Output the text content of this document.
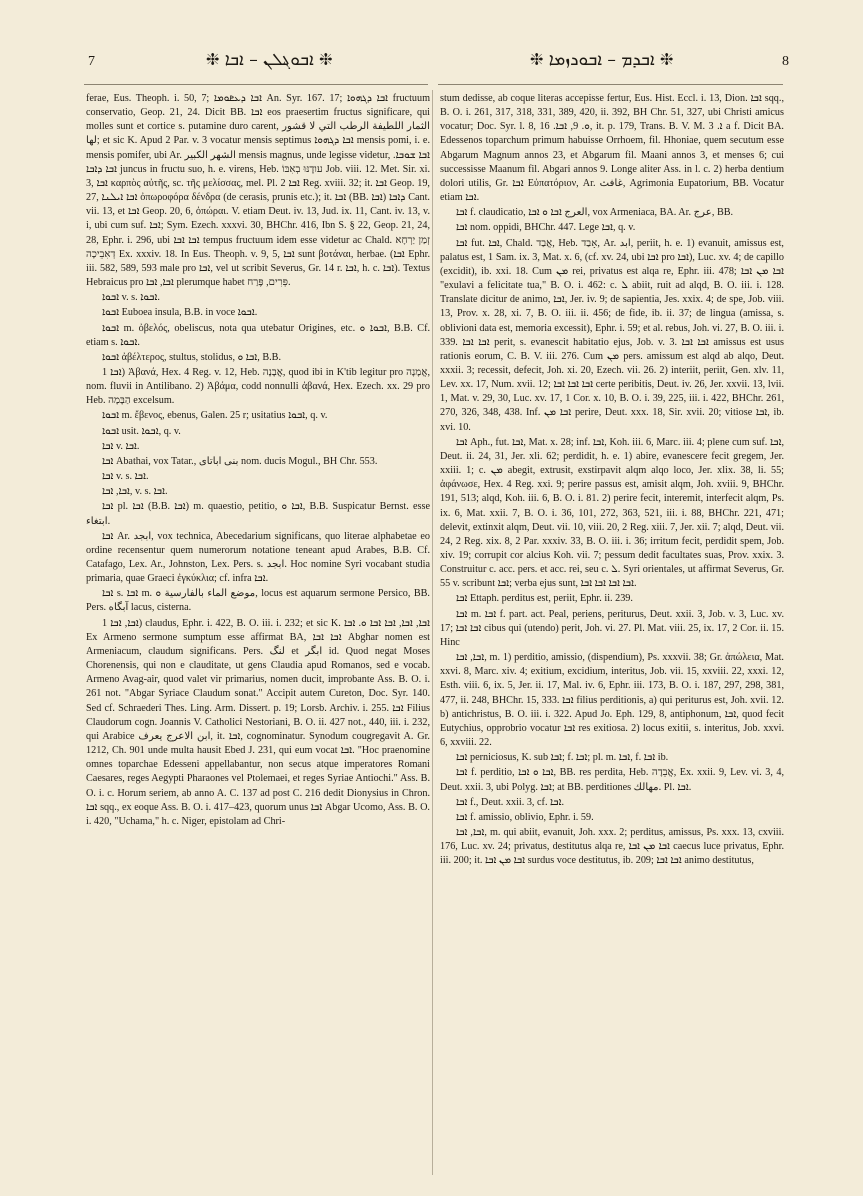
7	❈ ܐܒܘܔܠܢ – ܐܒܐ ❈	❈ ܐܒܕܡ – ܐܒܘܖܙܡܐ ❈	8

ferae, Eus. Theoph. i. 50, 7; ܐܒܐ ܕܥܧܘܡܐ An. Syr. 167. 17; ܐܒܐ ܕܓܗܘܐ fructuum conservatio, Geop. 21, 24. Dicit BB. ܐܒܐ eos praesertim fructus significare, qui molles sunt et cortice s. putamine duro carent, الثمار اللطيفة الرطب التي لا قشور لها; et sic K. Apud 2 Par. v. 3 vocatur mensis septimus ܐܒܐ ܕܓܗܘܐ mensis pomi, i. e. mensis pomifer, ubi Ar. الشهر الكبير mensis magnus, unde legisse videtur, ܐܒܐ ܫܘܒܐ. ܐܒܐ ܕܐܒܐ juncus in fructu suo, h. e. virens, Heb. עודֶנּוּ בְאִבּוֹ Job. viii. 12. Met. Sir. xi. 3, ܐܒܐ καρπὸς αὐτῆς, sc. τῆς μελίσσας, mel. Pl. ܐܒܐ 2 Reg. xviii. 32; it. ܐܒܐ Geop. 19, 27, ܐܒܐ ܐܝܠܢܐ ὀπωροφόρα δένδρα (de cerasis, prunis etc.); it. ܐܒܐ (BB. ܐܒܐ) ܕܐܒܐ Cant. vii. 13, et ܐܒܐ Geop. 20, 6, ὀπώραι. V. etiam Deut. iv. 13, Jud. ix. 11, Cant. iv. 13, v. i, ubi cum suf. ܐܒܐ; Sym. Ezech. xxxvi. 30, BHChr. 416, Ibn S. § 22, Geop. 21, 24, 28, Ephr. i. 296, ubi ܐܒܐ ܐܒܐ tempus fructuum idem esse videtur ac Chald. זְמַן יַרְחָא דְאִבֵיכָה Ex. xxxiv. 18. In Eus. Theoph. v. 9, 5, ܐܒܐ sunt βοτάναι, herbae. (ܐܒܐ Ephr. iii. 582, 589, 593 male pro ܐܒܐ, vel ut scribit Severus, Gr. 14 r. ܐܒܐ, h. c. ܐܒܐ). Textus Hebraicus pro ܐܒܐ, ܐܒܐ plerumque habet פְּרִים, פֶּרַח.

ܐܒܘܐ v. s. ܐܒܘܐ.

ܐܒܘܐ Euboea insula, B.B. in voce ܐܒܘܐ.

ܐܒܘܐ m. ὀβελός, obeliscus, nota qua utebatur Origines, etc. ܐܒܘܐ ܘ, B.B. Cf. etiam s. ܐܒܘܐ.

ܐܒܘܐ ἀβέλτερος, stultus, stolidus, ܐܒܐ ܘ, B.B.

ܐܒܐ 1) Ἀβανά, Hex. 4 Reg. v. 12, Heb. אֲבָנָה, quod ibi in K'tib legitur pro אֲמָנָה, nom. fluvii in Antilibano. 2) Ἀβάμα, codd nonnulli ἀβανά, Hex. Ezech. xx. 29 pro Heb. הַבָּמָה excelsum.

ܐܒܘܐ m. ἔβενος, ebenus, Galen. 25 r; usitatius ܐܒܘܐ, q. v.

ܐܒܘܐ usit. ܐܒܘܐ, q. v.

ܐܒܐ v. ܐܒܐ.

ܐܒܐ Abathai, vox Tatar., بنى اباتاى nom. ducis Mogul., BH Chr. 553.

ܐܒܐ v. s. ܐܒܐ.

ܐܒܐ, ܐܒܐ, v. s. ܐܒܐ.

ܐܒܐ pl. ܐܒܐ (B.B. ܐܒܐ) m. quaestio, petitio, ܐܒܐ ܘ, B.B. Suspicatur Bernst. esse ابتغاء.

ܐܒܐ Ar. ابجد, vox technica, Abecedarium significans, quo literae alphabetae eo ordine recensentur quem numerorum notatione teneant apud Arabes, B.B. Cf. Catafago, Lex. Ar., Johnston, Lex. Pers. s. ابجد. Hoc nomine Syri vocabant studia primaria, quae Graeci ἐγκύκλια; cf. infra ܐܒܐ.

ܐܒܐ s. ܐܒܐ m. موضع الماء بالفارسية ܘ, locus est aquarum sermone Persico, BB. Pers. آبگاه lacus, cisterna.

ܐܒܐ, ܐܒܐ 1) claudus, Ephr. i. 422, B. O. iii. i. 232; et sic K. ܐܒܐ, ܐܒܐ, ܐܒܐ ܐܒܐ ܘ. ܐܒܐ Ex Armeno sermone sumptum esse affirmat BA, ܐܒܐ ܐܒܐ Abghar nomen est Armeniacum, claudum significans. Pers. لنگ et ابگر id. Quod negat Moses Chorenensis, qui non e clauditate, ut gens Claudia apud Romanos, sed e vocab. Armeno Avag-air, quod valet vir primarius, nomen ducit, improbante Ass. B. O. i. 261 not. "Abgar Syriace Claudum sonat." Accipit autem Cureton, Doc. Syr. 140. Sed cf. Schraederi Thes. Ling. Arm. Dissert. p. 19; Lorsb. Archiv. i. 255. ܐܒܐ Filius Claudorum cogn. Joannis V. Catholici Nestoriani, B. O. ii. 427 not., 440, iii. i. 232, qui Arabice ابن الاعرج یعرف, it. ܐܒܐ, cognominatur. Synodum cougregavit A. Gr. 1212, Ch. 901 unde multa hausit Ebed J. 231, qui eum vocat ܐܒܐ. "Hoc praenomine omnes toparchae Edesseni appellabantur, non secus atque imperatores Romani Caesares, reges Aegypti Pharaones vel Ptolemaei, et reges Syriae Antiochi." Ass. B. O. i. c. Horum seriem, ab anno A. C. 137 ad post C. 216 dedit Dionysius in Chron. ܐܒܐ sqq., ex eoque Ass. B. O. i. 417–423, quorum unus ܐܒܐ Abgar Ucomo, Ass. B. O. i. 420, "Uchama," h. c. Niger, epistolam ad Chri-

stum dedisse, ab coque literas accepisse fertur, Eus. Hist. Eccl. i. 13, Dion. ܐܒܐ sqq., B. O. i. 261, 317, 318, 331, 389, 420, ii. 392, BH Chr. 51, 327, ubi Christi amicus vocatur; Doc. Syr. l. 8, ܘ. 9, ܐܒܐ. 16, it. p. 179, Trans. B. V. M. ܐ. 3 a f. Dicit BA. Edessenos toparchum primum habuisse Orrhoem, fil. Hhoniae, quem secutum esse Abgarum Magnum annos 23, et Abgarum fil. Maani annos 3, et menses 6; cui successisse Maanum fil. Abgari annos 9. Longe aliter Ass. in l. c. 2) herba dentium dolori utilis, Gr. ܐܒܐ Εὐπατόριον, Ar. غافث, Agrimonia Eupatorium, BB. Vocatur etiam ܐܒܐ.

ܐܒܐ f. claudicatio, العرج ܐܒܐ ܘ ܐܒܐ, vox Armeniaca, BA. Ar. عرج, BB.

ܐܒܐ nom. oppidi, BHChr. 447. Lege ܐܒܐ, q. v.

ܐܒܐ fut. ܐܒܐ, Chald. אֲבַד, Heb. אָבַד, Ar. ابد, periit, h. e. 1) evanuit, amissus est, palatus est, 1 Sam. ix. 3, Mat. x. 6, (cf. xv. 24, ubi ܐܒܐ pro ܐܒܐ), Luc. xv. 4; de capillo (excidit), ib. xxi. 18. Cum ܡܢ rei, privatus est alqa re, Ephr. iii. 478; ܐܒܐ ܡܢ ܐܒܐ "exulavi a felicitate tua," B. O. i. 462: c. ܠ abiit, ruit ad alqd, B. O. iii. i. 128. Translate dicitur de animo, ܐܒܐ, Jer. iv. 9; de sapientia, Jes. xxix. 4; de spe, Job. viii. 13, Prov. x. 28, xi. 7, B. O. iii. ii. 456; de fide, ib. ii. 37; de lingua (amissa, s. oblivioni data est, memoria excessit), Ephr. i. 59; et al. rebus, Joh. vi. 27, B. O. iii. i. 339. ܐܒܐ ܐܒܐ perit, s. evanescit habitatio ejus, Job. v. 3. ܐܒܐ ܐܒܐ amissus est usus rationis eorum, C. B. V. iii. 276. Cum ܡܢ pers. amissum est alqd ab alqo, Deut. xxxii. 3; recessit, defecit, Joh. xi. 20, Ezech. vii. 26. 2) interiit, periit, Gen. xlv. 11, Lev. xx. 17, Num. xvii. 12; ܐܒܐ ܐܒܐ ܐܒܐ certe peribitis, Deut. iv. 26, Jer. xxvii. 13, lvii. 1, Mat. v. 29, 30, Luc. xv. 17, 1 Cor. x. 10, B. O. i. 39, 225, iii. i. 422, BHChr. 261, 270, 326, 348, 438. Inf. ܐܒܐ ܡܢ perire, Deut. xxx. 18, Sir. xvii. 20; vitiose ܐܒܐ, ib. xvi. 10.

ܐܒܐ Aph., fut. ܐܒܐ, Mat. x. 28; inf. ܐܒܐ, Koh. iii. 6, Marc. iii. 4; plene cum suf. ܐܒܐ, Deut. ii. 24, 31, Jer. xli. 62; perdidit, h. e. 1) abire, evanescere fecit gregem, Jer. xxiii. 1; c. ܡܢ abegit, extrusit, exstirpavit alqm alqo loco, Jer. xlix. 38, li. 55; ἀφάνωσε, Hex. 4 Reg. xxi. 9; perire passus est, amisit alqm, Joh. xviii. 9, BHChr. 191, 513; alqd, Koh. iii. 6, B. O. i. 81. 2) perire fecit, interemit, interfecit alqm, Ps. ix. 6, Mat. xxii. 7, B. O. i. 36, 101, 272, 363, 521, iii. i. 88, BHChr. 221, 471; delevit, extinxit alqm, Deut. vii. 10, viii. 20, 2 Reg. xiii. 7, Jer. xii. 7; alqd, Deut. vii. 24, 2 Reg. xix. 8, 2 Par. xxxiv. 33, B. O. iii. i. 36; irritum fecit, perdidit spem, Job. xiv. 19; corrupit cor alcius Koh. vii. 7; pessum dedit facultates suas, Prov. xxix. 3. Construitur c. acc. pers. et acc. rei, seu c. ܠ. Syri orientales, ut affirmat Severus, Gr. 55 v. scribunt ܐܒܐ; verba ejus sunt, ܐܒܐ ܐܒܐ ܐܒܐ ܐܒܐ.

ܐܒܐ Ettaph. perditus est, periit, Ephr. ii. 239.

ܐܒܐ m. ܐܒܐ f. part. act. Peal, periens, periturus, Deut. xxii. 3, Job. v. 3, Luc. xv. 17; ܐܒܐ ܐܒܐ cibus qui (utendo) perit, Joh. vi. 27. Pl. Mat. viii. 25, ix. 17, 2 Cor. ii. 15. Hinc

ܐܒܐ, ܐܒܐ, m. 1) perditio, amissio, (dispendium), Ps. xxxvii. 38; Gr. ἀπώλεια, Mat. xxvi. 8, Marc. xiv. 4; exitium, excidium, interitus, Job. vii. 15, xxviii. 22, xxxi. 12, Esth. viii. 6, ix. 5, Jer. ii. 17, Mal. iv. 6, Ephr. iii. 173, B. O. i. 187, 297, 298, 381, 477, ii. 248, BHChr. 15, 333. ܐܒܐ filius perditionis, a) qui periturus est, Joh. xvii. 12. b) antichristus, B. O. iii. i. 322. Apud Jo. Eph. 129, 8, antiphonum, ܐܒܐ, quod fecit Eutychius, opprobrio vocatur ܐܒܐ res exitiosa. 2) locus exitii, s. interitus, Job. xxvi. 6, xxviii. 22.

ܐܒܐ perniciosus, K. sub ܐܒܐ; f. ܐܒܐ; pl. m. ܐܒܐ, f. ܐܒܐ ib.

ܐܒܐ f. perditio, ܐܒܐ ܘ ܐܒܐ, BB. res perdita, Heb. אֲבֵדָה, Ex. xxii. 9, Lev. vi. 3, 4, Deut. xxii. 3, ubi Polyg. ܐܒܐ; at BB. perditiones مهالك. Pl. ܐܒܐ.

ܐܒܐ f., Deut. xxii. 3, cf. ܐܒܐ.

ܐܒܐ f. amissio, oblivio, Ephr. i. 59.

ܐܒܐ, ܐܒܐ, m. qui abiit, evanuit, Joh. xxx. 2; perditus, amissus, Ps. xxx. 13, cxviii. 176, Luc. xv. 24; privatus, destitutus alqa re, ܐܒܐ ܡܢ ܐܒܐ caecus luce privatus, Ephr. iii. 200; it. ܐܒܐ ܡܢ ܐܒܐ surdus voce destitutus, ib. 209; ܐܒܐ ܐܒܐ animo destitutus,
